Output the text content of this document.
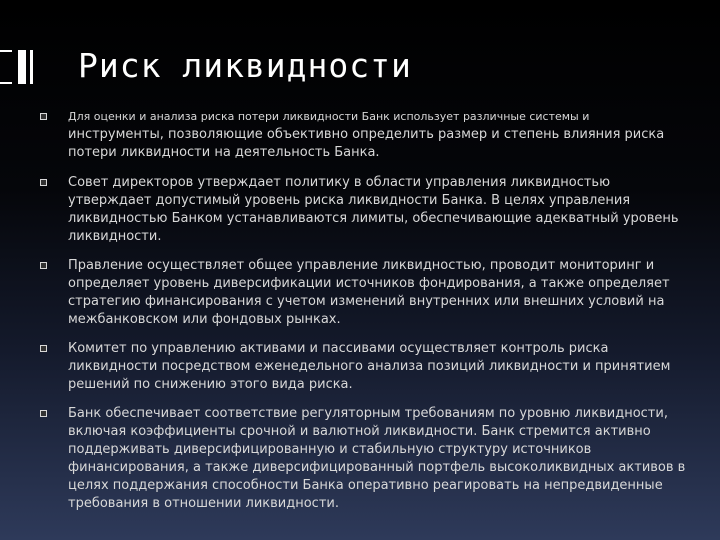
Риск ликвидности
Для оценки и анализа риска потери ликвидности Банк использует различные системы и
инструменты, позволяющие объективно определить размер и степень влияния риска потери ликвидности на деятельность Банка.
Совет директоров утверждает политику в области управления ликвидностью утверждает допустимый уровень риска ликвидности Банка. В целях управления ликвидностью Банком устанавливаются лимиты, обеспечивающие адекватный уровень ликвидности.
Правление осуществляет общее управление ликвидностью, проводит мониторинг и определяет уровень диверсификации источников фондирования, а также определяет стратегию финансирования с учетом изменений внутренних или внешних условий на межбанковском или фондовых рынках.
Комитет по управлению активами и пассивами осуществляет контроль риска ликвидности посредством еженедельного анализа позиций ликвидности и принятием решений по снижению этого вида риска.
Банк обеспечивает соответствие регуляторным требованиям по уровню ликвидности, включая коэффициенты срочной и валютной ликвидности. Банк стремится активно поддерживать диверсифицированную и стабильную структуру источников финансирования, а также диверсифицированный портфель высоколиквидных активов в целях поддержания способности Банка оперативно реагировать на непредвиденные требования в отношении ликвидности.
